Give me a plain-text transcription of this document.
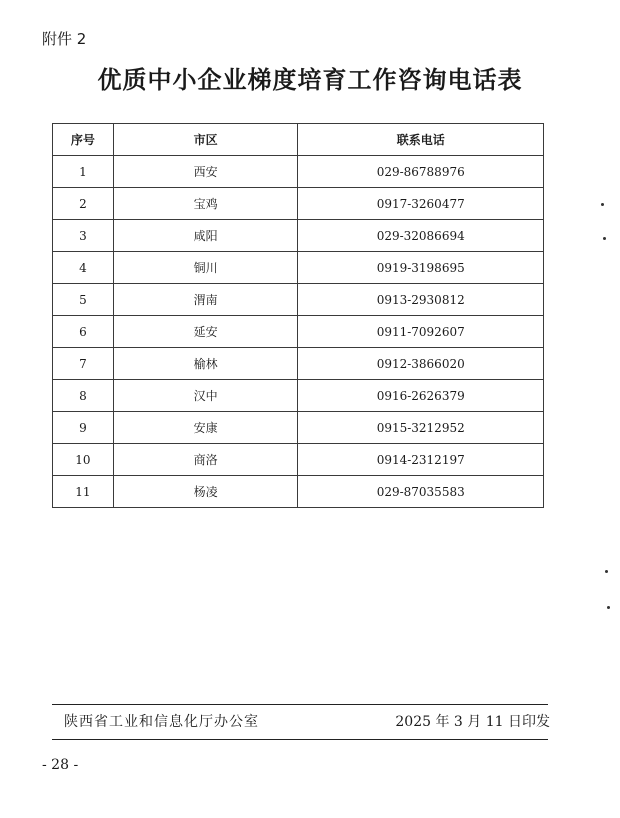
附件 2
优质中小企业梯度培育工作咨询电话表
序号	市区	联系电话
1	西安	029-86788976
2	宝鸡	0917-3260477
3	咸阳	029-32086694
4	铜川	0919-3198695
5	渭南	0913-2930812
6	延安	0911-7092607
7	榆林	0912-3866020
8	汉中	0916-2626379
9	安康	0915-3212952
10	商洛	0914-2312197
11	杨凌	029-87035583
陕西省工业和信息化厅办公室	2025 年 3 月 11 日印发
- 28 -
